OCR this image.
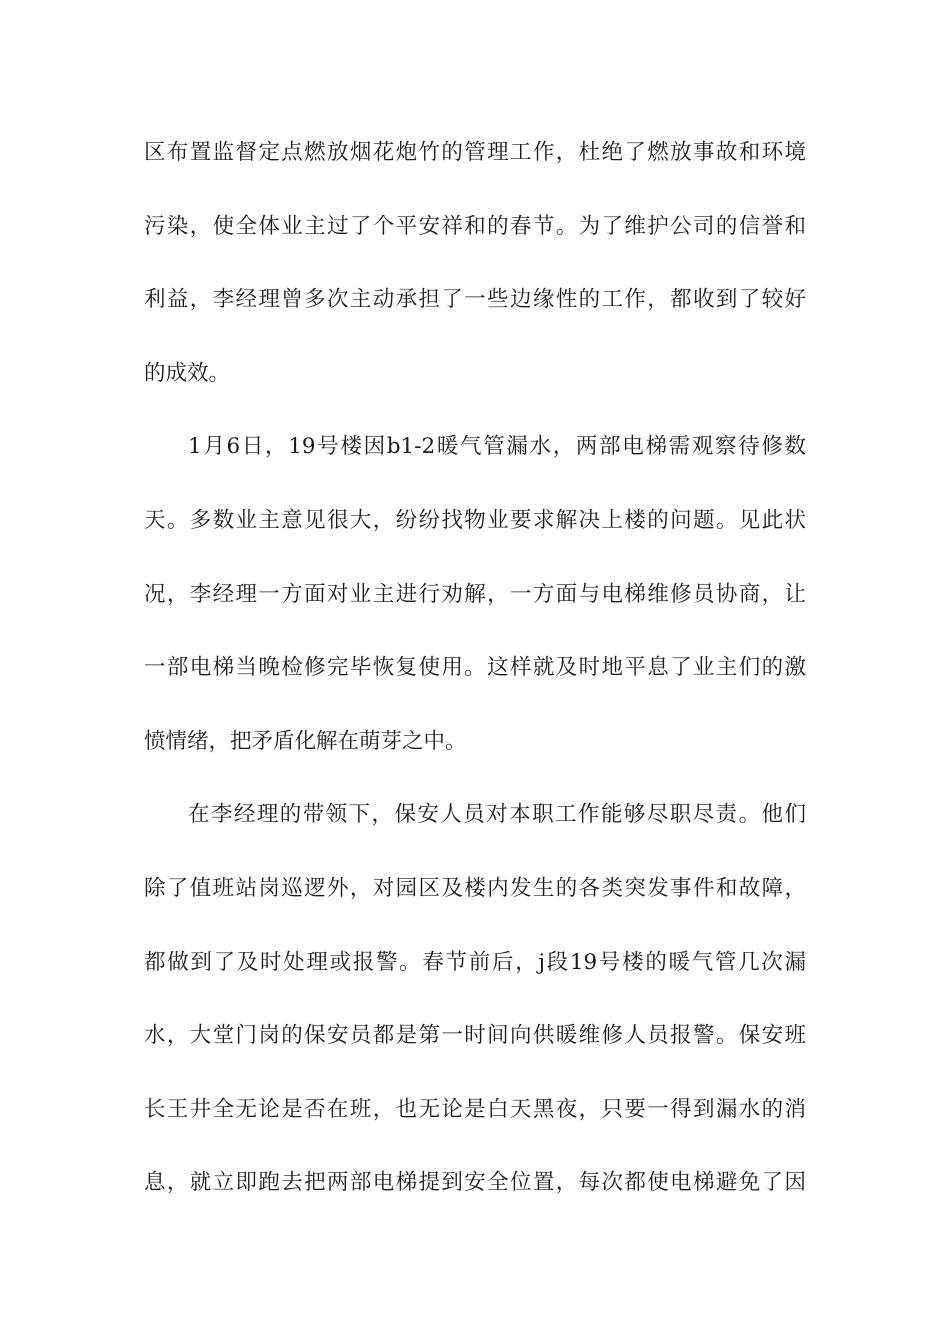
区布置监督定点燃放烟花炮竹的管理工作，杜绝了燃放事故和环境
污染，使全体业主过了个平安祥和的春节。为了维护公司的信誉和
利益，李经理曾多次主动承担了一些边缘性的工作，都收到了较好
的成效。
1月6日，19号楼因b1-2暖气管漏水，两部电梯需观察待修数
天。多数业主意见很大，纷纷找物业要求解决上楼的问题。见此状
况，李经理一方面对业主进行劝解，一方面与电梯维修员协商，让
一部电梯当晚检修完毕恢复使用。这样就及时地平息了业主们的激
愤情绪，把矛盾化解在萌芽之中。
在李经理的带领下，保安人员对本职工作能够尽职尽责。他们
除了值班站岗巡逻外，对园区及楼内发生的各类突发事件和故障，
都做到了及时处理或报警。春节前后，j段19号楼的暖气管几次漏
水，大堂门岗的保安员都是第一时间向供暖维修人员报警。保安班
长王井全无论是否在班，也无论是白天黑夜，只要一得到漏水的消
息，就立即跑去把两部电梯提到安全位置，每次都使电梯避免了因
